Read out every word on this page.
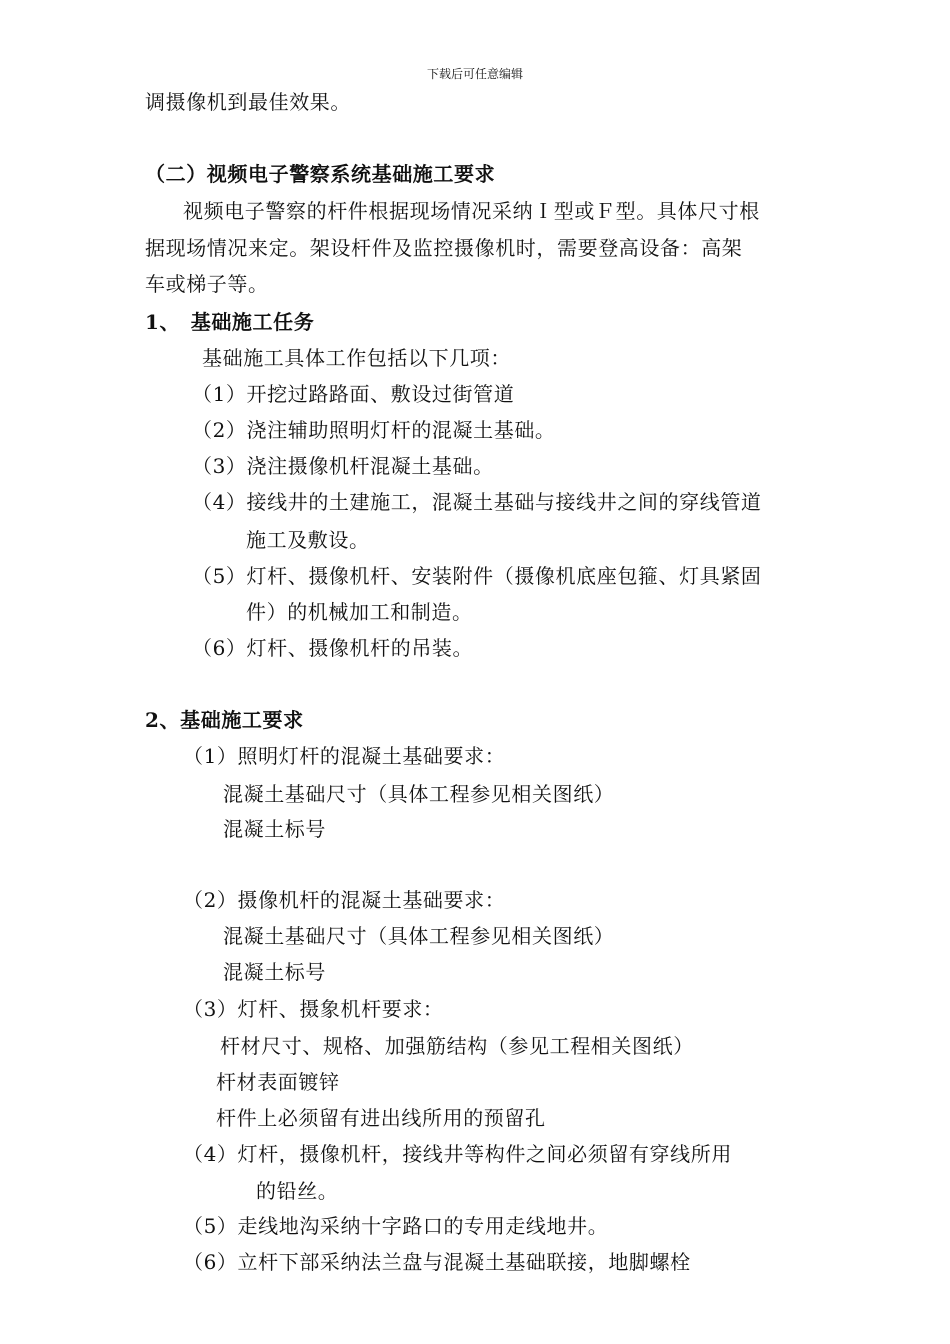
下载后可任意编辑
调摄像机到最佳效果。
（二）视频电子警察系统基础施工要求
视频电子警察的杆件根据现场情况采纳Ｉ型或Ｆ型。具体尺寸根
据现场情况来定。架设杆件及监控摄像机时，需要登高设备：高架
车或梯子等。
1、　基础施工任务
基础施工具体工作包括以下几项：
（1）开挖过路路面、敷设过街管道
（2）浇注辅助照明灯杆的混凝土基础。
（3）浇注摄像机杆混凝土基础。
（4）接线井的土建施工，混凝土基础与接线井之间的穿线管道
施工及敷设。
（5）灯杆、摄像机杆、安装附件（摄像机底座包箍、灯具紧固
件）的机械加工和制造。
（6）灯杆、摄像机杆的吊装。
2、基础施工要求
（1）照明灯杆的混凝土基础要求：
混凝土基础尺寸（具体工程参见相关图纸）
混凝土标号
（2）摄像机杆的混凝土基础要求：
混凝土基础尺寸（具体工程参见相关图纸）
混凝土标号
（3）灯杆、摄象机杆要求：
杆材尺寸、规格、加强筋结构（参见工程相关图纸）
杆材表面镀锌
杆件上必须留有进出线所用的预留孔
（4）灯杆，摄像机杆，接线井等构件之间必须留有穿线所用
的铅丝。
（5）走线地沟采纳十字路口的专用走线地井。
（6）立杆下部采纳法兰盘与混凝土基础联接，地脚螺栓
